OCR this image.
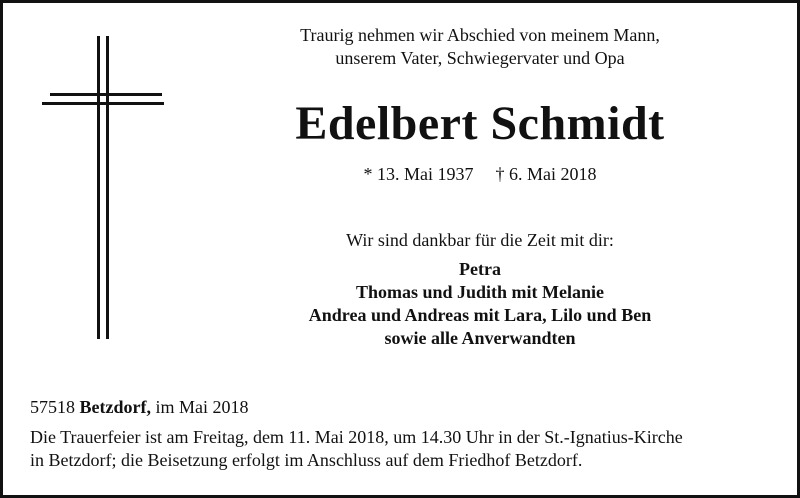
Traurig nehmen wir Abschied von meinem Mann,
unserem Vater, Schwiegervater und Opa
Edelbert Schmidt
* 13. Mai 1937 † 6. Mai 2018
Wir sind dankbar für die Zeit mit dir:
Petra
Thomas und Judith mit Melanie
Andrea und Andreas mit Lara, Lilo und Ben
sowie alle Anverwandten
57518 Betzdorf, im Mai 2018
Die Trauerfeier ist am Freitag, dem 11. Mai 2018, um 14.30 Uhr in der St.-Ignatius-Kirche
in Betzdorf; die Beisetzung erfolgt im Anschluss auf dem Friedhof Betzdorf.
